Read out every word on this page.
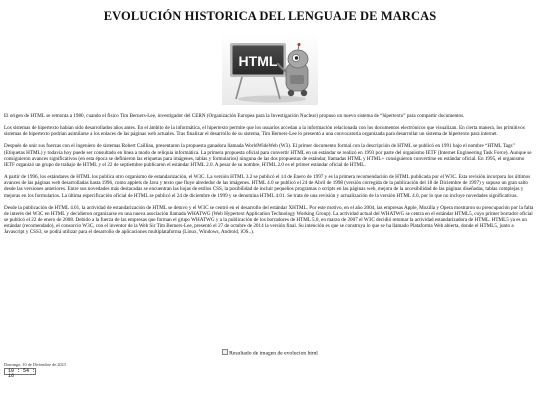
EVOLUCIÓN HISTORICA DEL LENGUAJE DE MARCAS
HTML

El origen de HTML se remonta a 1980, cuando el físico Tim Berners-Lee, investigador del CERN (Organización Europea para la Investigación Nuclear) propuso un nuevo sistema de “hipertexto” para compartir documentos.

Los sistemas de hipertexto habían sido desarrollados años antes. En el ámbito de la informática, el hipertexto permite que los usuarios accedan a la información relacionada con los documentos electrónicos que visualizan. En cierta manera, los primitivos sistemas de hipertexto podrían asimilarse a los enlaces de las páginas web actuales. Tras finalizar el desarrollo de su sistema, Tim Berners-Lee lo presentó a una convocatoria organizada para desarrollar un sistema de hipertexto para internet.

Después de unir sus fuerzas con el ingeniero de sistemas Robert Cailliau, presentaron la propuesta ganadora llamada WorldWideWeb (W3). El primer documento formal con la descripción de HTML se publicó en 1991 bajo el nombre “HTML Tags” (Etiquetas HTML) y todavía hoy puede ser consultado en línea a modo de reliquia informática. La primera propuesta oficial para convertir HTML en un estándar se realizó en 1993 por parte del organismo IETF (Internet Engineering Task Force). Aunque se consiguieron avances significativos (en esta época se definieron las etiquetas para imágenes, tablas y formularios) ninguna de las dos propuestas de estándar, llamadas HTML y HTML+ consiguieron convertirse en estándar oficial. En 1995, el organismo IETF organizó un grupo de trabajo de HTML y el 22 de septiembre publicaron el estándar HTML 2.0. A pesar de su nombre, HTML 2.0 es el primer estándar oficial de HTML.

A partir de 1996, los estándares de HTML los publica otro organismo de estandarización, el W3C. La versión HTML 3.2 se publicó el 14 de Enero de 1997 y es la primera recomendación de HTML publicada por el W3C. Esta revisión incorpora los últimos avances de las páginas web desarrolladas hasta 1996, como applets de Java y texto que fluye alrededor de las imágenes. HTML 4.0 se publicó el 24 de Abril de 1998 (versión corregida de la publicación del 18 de Diciembre de 1997) y supuso un gran salto desde las versiones anteriores. Entre sus novedades más destacadas se encuentran las hojas de estilos CSS, la posibilidad de incluir pequeños programas o scripts en las páginas web, mejora de la accesibilidad de las páginas diseñadas, tablas complejas y mejoras en los formularios. La última especificación oficial de HTML se publicó el 24 de diciembre de 1999 y se denomina HTML 4.01. Se trata de una revisión y actualización de la versión HTML 4.0, por lo que no incluye novedades significativas.

Desde la publicación de HTML 4.01, la actividad de estandarización de HTML se detuvo y el W3C se centró en el desarrollo del estándar XHTML. Por este motivo, en el año 2004, las empresas Apple, Mozilla y Opera mostraron su preocupación por la falta de interés del W3C en HTML y decidieron organizarse en una nueva asociación llamada WHATWG (Web Hypertext Application Technology Working Group). La actividad actual del WHATWG se centra en el estándar HTML5, cuyo primer borrador oficial se publicó el 22 de enero de 2008. Debido a la fuerza de las empresas que forman el grupo WHATWG y a la publicación de los borradores de HTML 5.0, en marzo de 2007 el W3C decidió retomar la actividad estandarizadora de HTML. HTML5 ya es un estándar (recomendado), el consorcio W3C, con el inventor de la Web Sir Tim Berners-Lee, presentó el 27 de octubre de 2014 la versión final. Su intención es que se construya lo que se ha llamado Plataforma Web abierta, donde el HTML5, junto a Javascript y CSS3, se podrá utilizar para el desarrollo de aplicaciones multiplataforma (Linux, Windows, Android, iOS..).

Resultado de imagen de evolucion html
Domingo, 10 de Diciembre de 2023
10 : 54 : 16
